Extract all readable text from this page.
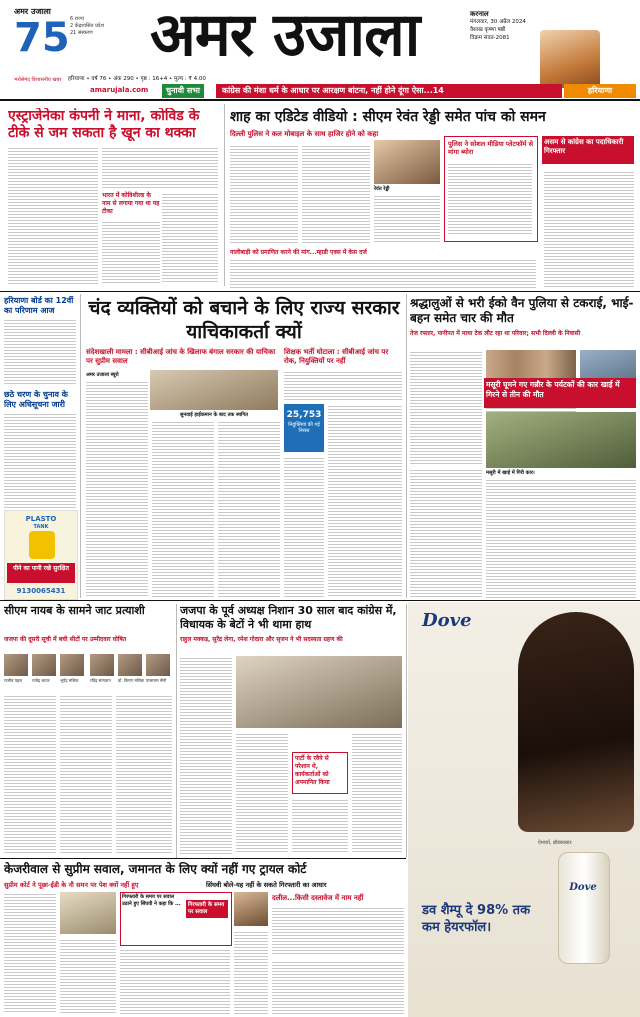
अमर उजाला
75
भरोसेमंद विश्वसनीय खबर
6 राज्य
2 केंद्रशासित प्रदेश
21 संस्करण
हरियाणा • वर्ष 76 • अंक 290 • पृष्ठ : 16+4 • मूल्य : ₹ 4.00
अमर उजाला	करनाल
मंगलवार, 30 अप्रैल 2024
वैशाख कृष्णा षष्ठी
विक्रम संवत-2081
amarujala.com	चुनावी सभा	कांग्रेस की मंशा धर्म के आधार पर आरक्षण बांटना, नहीं होने दूंगा ऐसा...14	हरियाणा
एस्ट्राजेनेका कंपनी ने माना, कोविड के टीके से जम सकता है खून का थक्का
भारत में कोविशील्ड के नाम से लगाया गया था यह टीका
शाह का एडिटेड वीडियो : सीएम रेवंत रेड्डी समेत पांच को समन
दिल्ली पुलिस ने कल मोबाइल के साथ हाजिर होने को कहा
रेवंत रेड्डी
पुलिस ने सोशल मीडिया प्लेटफॉर्म से मांगा ब्योरा
असम से कांग्रेस का पदाधिकारी गिरफ्तार
नालीबाड़ी को प्रमाणित करने की मांग...म्हाडी एक्स में केस दर्ज
हरियाणा बोर्ड का 12वीं का परिणाम आज
छठे चरण के चुनाव के लिए अधिसूचना जारी
PLASTO
TANK
पीने का पानी रखे सुरक्षित
9130065431
चंद व्यक्तियों को बचाने के लिए राज्य सरकार याचिकाकर्ता क्यों
संदेशखाली मामला : सीबीआई जांच के खिलाफ बंगाल सरकार की याचिका पर सुप्रीम सवाल
शिक्षक भर्ती घोटाला : सीबीआई जांच पर रोक, नियुक्तियों पर नहीं
सुनवाई हाईकमान के बाद तक स्थगित
अमर उजाला ब्यूरो
25,753
नियुक्तियां की गई निरस्त
श्रद्धालुओं से भरी ईको वैन पुलिया से टकराई, भाई-बहन समेत चार की मौत
तेज रफ्तार, पानीपत में माथा टेक लौट रहा था परिवार; सभी दिल्ली के निवासी
मसूरी घूमने गए गन्नौर के पर्यटकों की कार खाई में गिरने से तीन की मौत
मसूरी में खाई में गिरी कार।
सीएम नायब के सामने जाट प्रत्याशी
जजपा की दूसरी सूची में बची सीटों पर उम्मीदवार घोषित
राजीव पहल	राजेंद्र लाठर	भूपेंद्र मलिक	रविंद्र सांगवान	डॉ. किरण मलिक पालाराम सैनी
जजपा के पूर्व अध्यक्ष निशान 30 साल बाद कांग्रेस में, विधायक के बेटों ने भी थामा हाथ
राहुल मक्कड़, सुरेंद्र लेगा, रमेश गोदारा और सृजन ने भी सदस्यता ग्रहण की
पार्टी के रवैये से परेशान थे, कार्यकर्ताओं को अपमानित किया
Dove
Dove
ऐश्वर्या, ब्रॉडकास्टर
डव शैम्पू दे 98% तक कम हेयरफॉल।
केजरीवाल से सुप्रीम सवाल, जमानत के लिए क्यों नहीं गए ट्रायल कोर्ट
सुप्रीम कोर्ट ने पूछा-ईडी के नौ समन पर पेश क्यों नहीं हुए	सिंघवी बोले-यह नहीं के सकते गिरफ्तारी का आधार
गिरफ्तारी के समय पर सवाल उठाने हुए सिंघवी ने कहा कि ...	गिरफ्तारी के समय पर सवाल
दलील...किसी दस्तावेज में नाम नहीं
